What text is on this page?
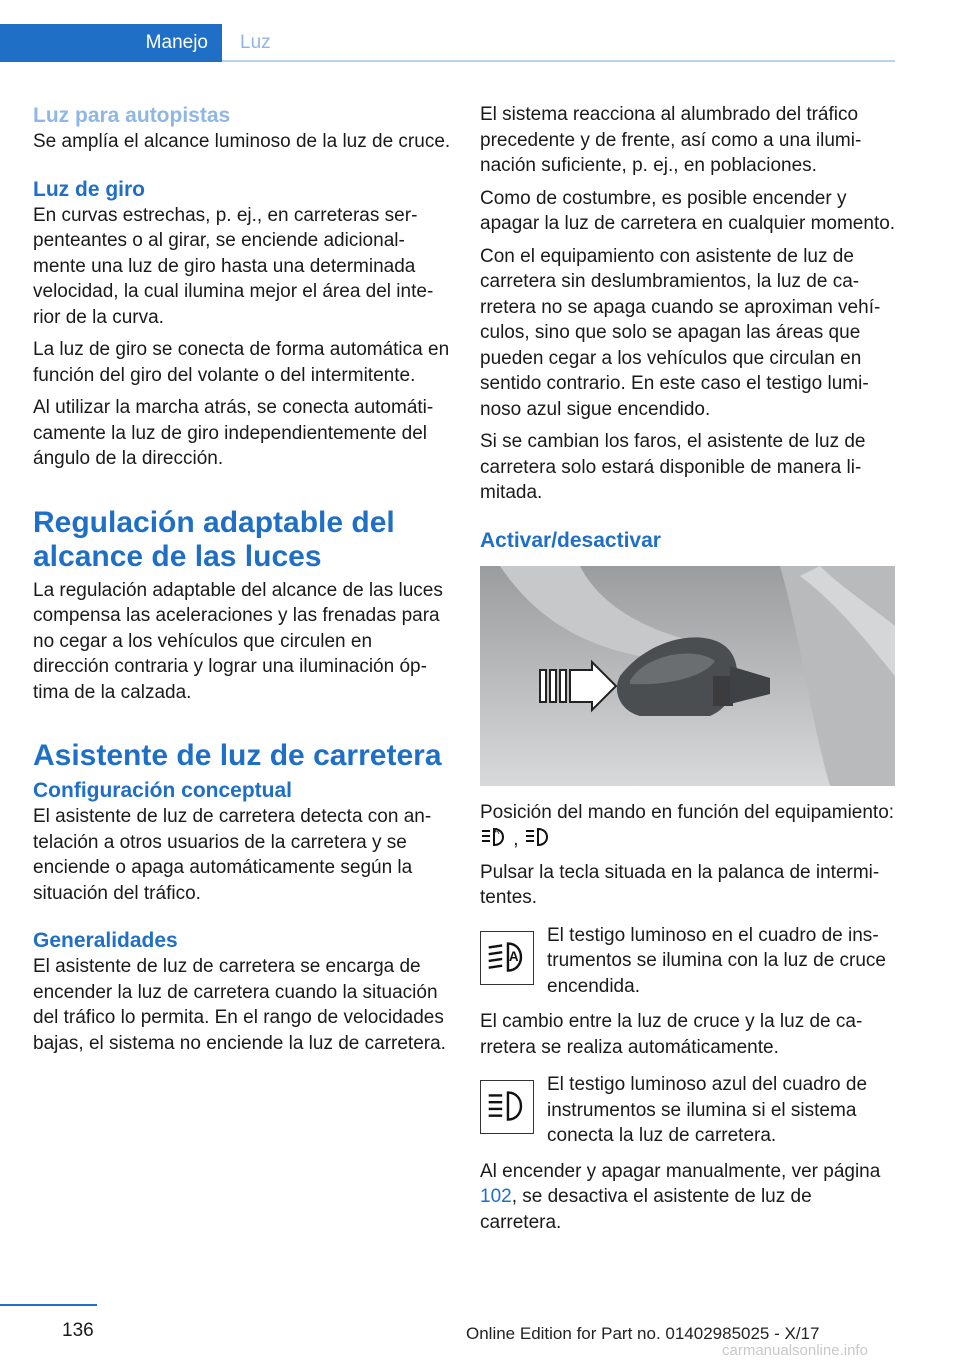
Manejo	Luz
Luz para autopistas

Se amplía el alcance luminoso de la luz de cruce.

Luz de giro

En curvas estrechas, p. ej., en carreteras serpenteantes o al girar, se enciende adicionalmente una luz de giro hasta una determinada velocidad, la cual ilumina mejor el área del interior de la curva.

La luz de giro se conecta de forma automática en función del giro del volante o del intermitente.

Al utilizar la marcha atrás, se conecta automáticamente la luz de giro independientemente del ángulo de la dirección.

Regulación adaptable del alcance de las luces

La regulación adaptable del alcance de las luces compensa las aceleraciones y las frenadas para no cegar a los vehículos que circulen en dirección contraria y lograr una iluminación óptima de la calzada.

Asistente de luz de carretera
Configuración conceptual

El asistente de luz de carretera detecta con antelación a otros usuarios de la carretera y se enciende o apaga automáticamente según la situación del tráfico.

Generalidades

El asistente de luz de carretera se encarga de encender la luz de carretera cuando la situación del tráfico lo permita. En el rango de velocidades bajas, el sistema no enciende la luz de carretera.

El sistema reacciona al alumbrado del tráfico precedente y de frente, así como a una iluminación suficiente, p. ej., en poblaciones.

Como de costumbre, es posible encender y apagar la luz de carretera en cualquier momento.

Con el equipamiento con asistente de luz de carretera sin deslumbramientos, la luz de carretera no se apaga cuando se aproximan vehículos, sino que solo se apagan las áreas que pueden cegar a los vehículos que circulan en sentido contrario. En este caso el testigo luminoso azul sigue encendido.

Si se cambian los faros, el asistente de luz de carretera solo estará disponible de manera limitada.

Activar/desactivar

Posición del mando en función del equipamiento:
A ,

Pulsar la tecla situada en la palanca de intermitentes.

A
El testigo luminoso en el cuadro de instrumentos se ilumina con la luz de cruce encendida.

El cambio entre la luz de cruce y la luz de carretera se realiza automáticamente.

El testigo luminoso azul del cuadro de instrumentos se ilumina si el sistema conecta la luz de carretera.

Al encender y apagar manualmente, ver página 102, se desactiva el asistente de luz de carretera.

136	Online Edition for Part no. 01402985025 - X/17
carmanualsonline.info
